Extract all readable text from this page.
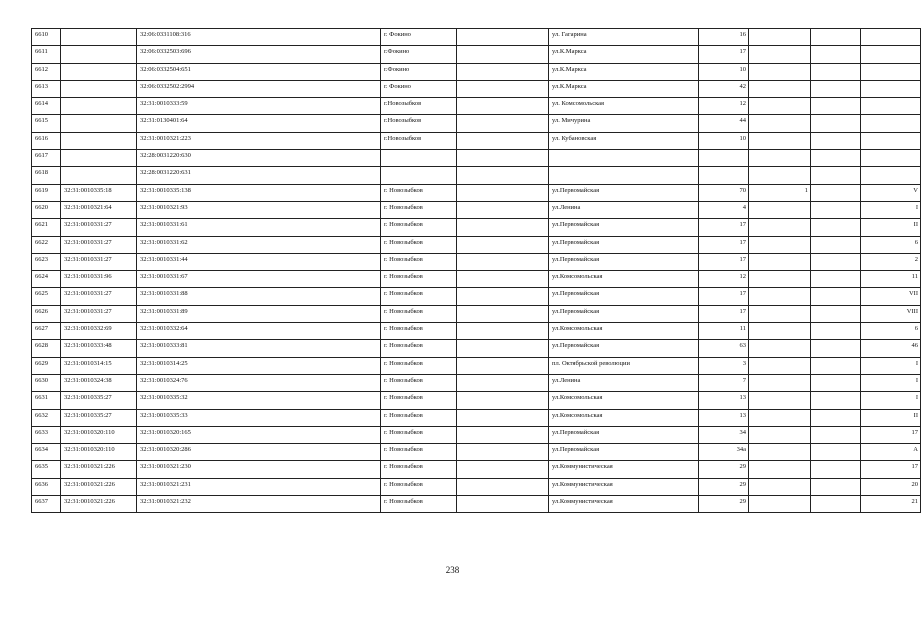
6610		32:06:0331108:316	г. Фокино		ул. Гагарина	16			
6611		32:06:0332503:696	г.Фокино		ул.К.Маркса	17			
6612		32:06:0332504:651	г.Фокино		ул.К.Маркса	10			
6613		32:06:0332502:2994	г. Фокино		ул.К.Маркса	42			
6614		32:31:0010333:59	г.Новозыбков		ул. Комсомольская	12			
6615		32:31:0130401:64	г.Новозыбков		ул. Мичурина	44			
6616		32:31:0010321:223	г.Новозыбков		ул. Кубановская	10			
6617		32:28:0031220:630							
6618		32:28:0031220:631							
6619	32:31:0010335:18	32:31:0010335:138	г. Новозыбков		ул.Первомайская	70	1		V
6620	32:31:0010321:64	32:31:0010321:93	г. Новозыбков		ул.Ленина	4			I
6621	32:31:0010331:27	32:31:0010331:61	г. Новозыбков		ул.Первомайская	17			II
6622	32:31:0010331:27	32:31:0010331:62	г. Новозыбков		ул.Первомайская	17			6
6623	32:31:0010331:27	32:31:0010331:44	г. Новозыбков		ул.Первомайская	17			2
6624	32:31:0010331:96	32:31:0010331:67	г. Новозыбков		ул.Комсомольская	12			11
6625	32:31:0010331:27	32:31:0010331:88	г. Новозыбков		ул.Первомайская	17			VII
6626	32:31:0010331:27	32:31:0010331:89	г. Новозыбков		ул.Первомайская	17			VIII
6627	32:31:0010332:69	32:31:0010332:64	г. Новозыбков		ул.Комсомольская	11			6
6628	32:31:0010333:48	32:31:0010333:81	г. Новозыбков		ул.Первомайская	63			46
6629	32:31:0010314:15	32:31:0010314:25	г. Новозыбков		пл. Октябрьской революции	3			I
6630	32:31:0010324:38	32:31:0010324:76	г. Новозыбков		ул.Ленина	7			I
6631	32:31:0010335:27	32:31:0010335:32	г. Новозыбков		ул.Комсомольская	13			I
6632	32:31:0010335:27	32:31:0010335:33	г. Новозыбков		ул.Комсомольская	13			II
6633	32:31:0010320:110	32:31:0010320:165	г. Новозыбков		ул.Первомайская	34			17
6634	32:31:0010320:110	32:31:0010320:286	г. Новозыбков		ул.Первомайская	34а			А
6635	32:31:0010321:226	32:31:0010321:230	г. Новозыбков		ул.Коммунистическая	29			17
6636	32:31:0010321:226	32:31:0010321:231	г. Новозыбков		ул.Коммунистическая	29			20
6637	32:31:0010321:226	32:31:0010321:232	г. Новозыбков		ул.Коммунистическая	29			21
238
